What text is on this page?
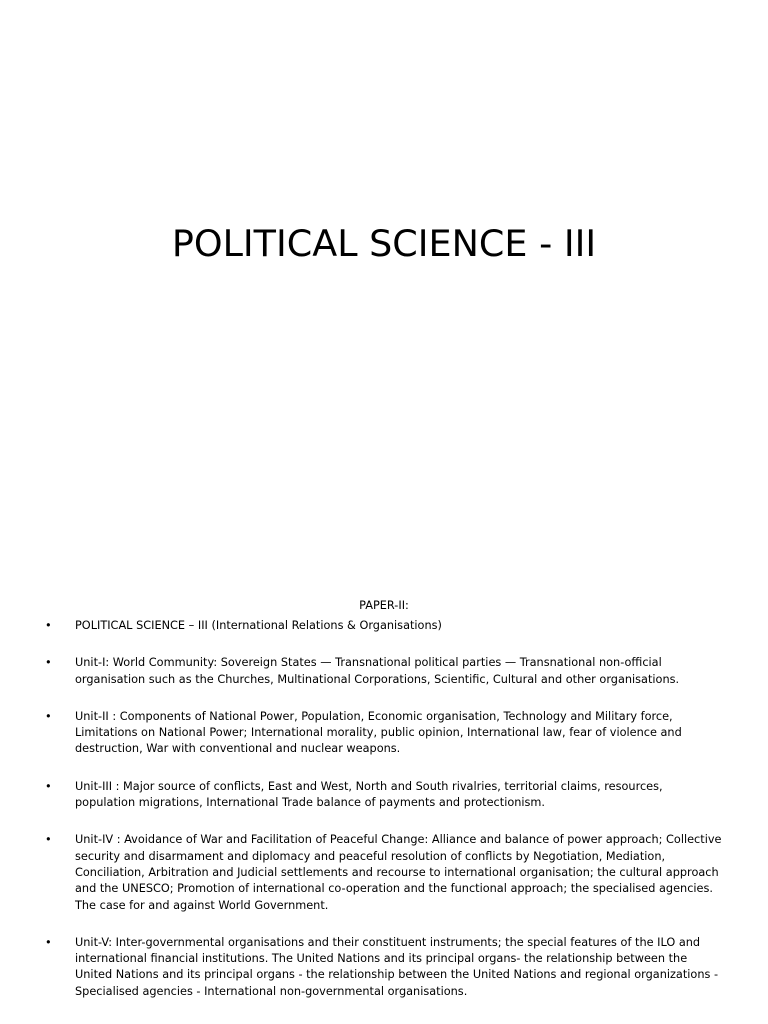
POLITICAL SCIENCE - III
PAPER-II:
• POLITICAL SCIENCE – III (International Relations & Organisations)
• Unit-I: World Community: Sovereign States — Transnational political parties — Transnational non-official organisation such as the Churches, Multinational Corporations, Scientific, Cultural and other organisations.
• Unit-II : Components of National Power, Population, Economic organisation, Technology and Military force, Limitations on National Power; International morality, public opinion, International law, fear of violence and destruction, War with conventional and nuclear weapons.
• Unit-III : Major source of conflicts, East and West, North and South rivalries, territorial claims, resources, population migrations, International Trade balance of payments and protectionism.
• Unit-IV : Avoidance of War and Facilitation of Peaceful Change: Alliance and balance of power approach; Collective security and disarmament and diplomacy and peaceful resolution of conflicts by Negotiation, Mediation, Conciliation, Arbitration and Judicial settlements and recourse to international organisation; the cultural approach and the UNESCO; Promotion of international co-operation and the functional approach; the specialised agencies. The case for and against World Government.
• Unit-V: Inter-governmental organisations and their constituent instruments; the special features of the ILO and international financial institutions. The United Nations and its principal organs- the relationship between the United Nations and its principal organs - the relationship between the United Nations and regional organizations - Specialised agencies - International non-governmental organisations.
